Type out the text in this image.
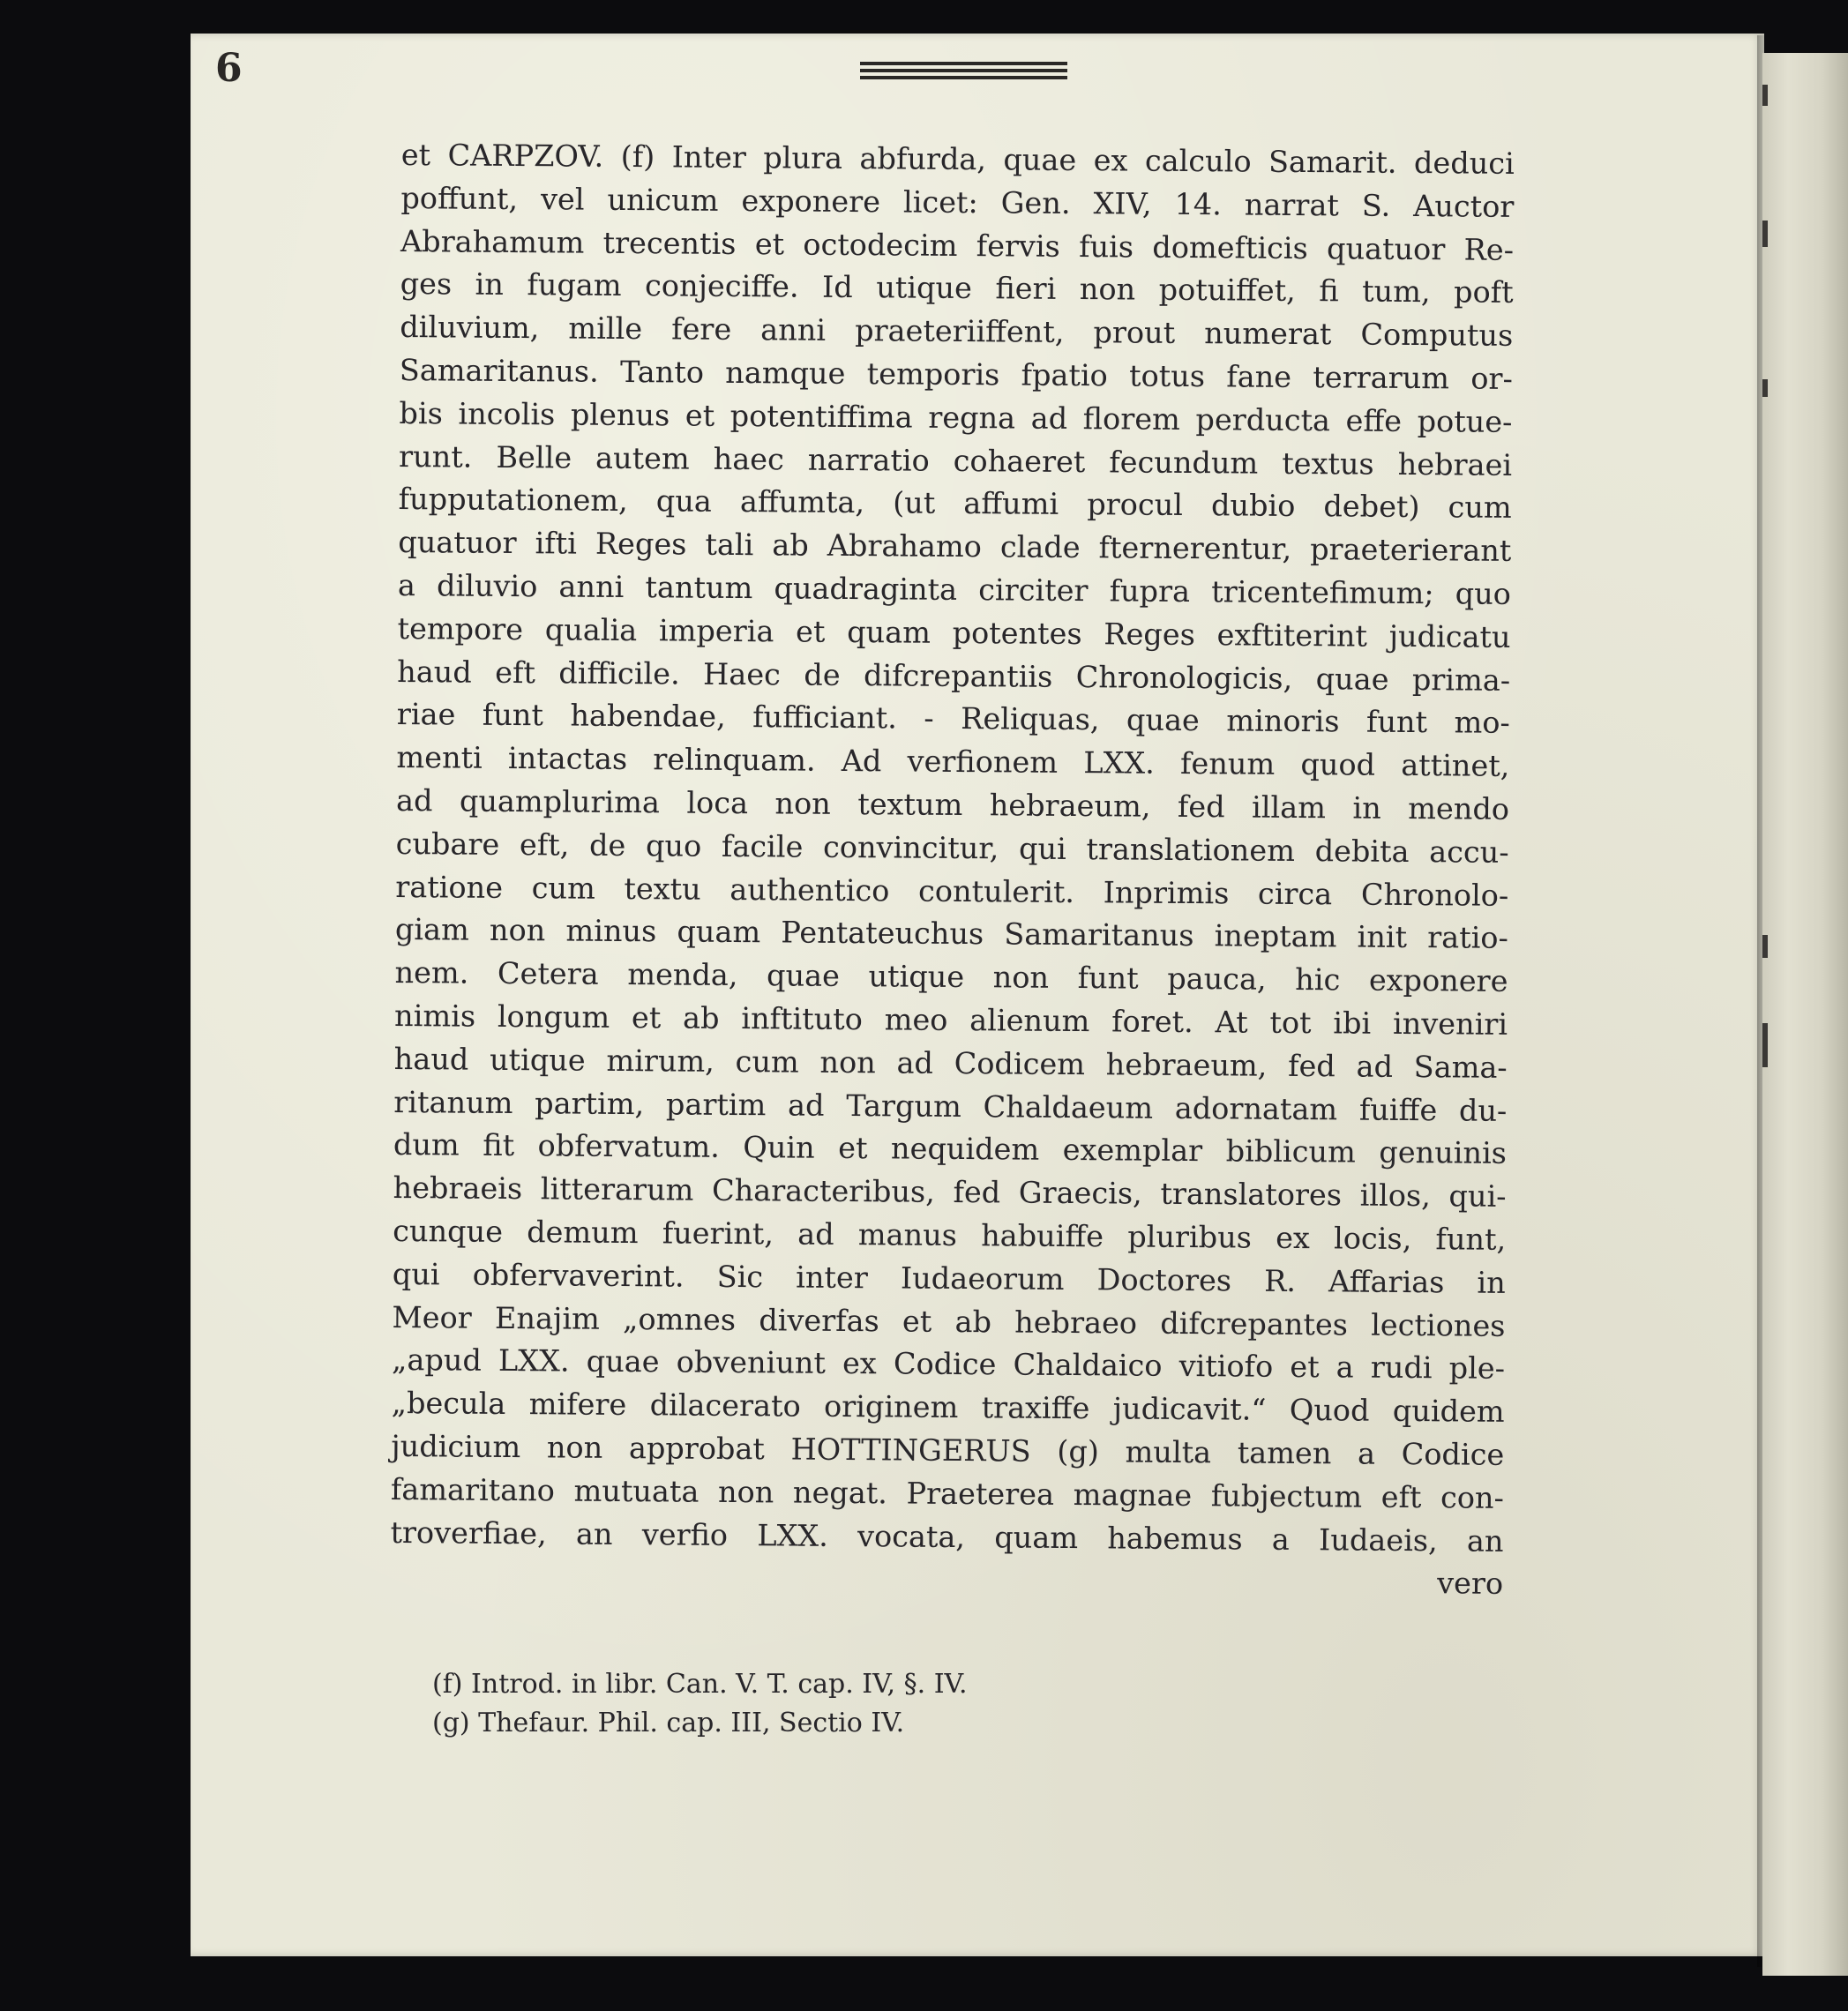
6
et CARPZOV. (f) Inter plura abfurda, quae ex calculo Samarit. deduci
poffunt, vel unicum exponere licet: Gen. XIV, 14. narrat S. Auctor
Abrahamum trecentis et octodecim fervis fuis domefticis quatuor Re-
ges in fugam conjeciffe. Id utique fieri non potuiffet, fi tum, poft
diluvium, mille fere anni praeteriiffent, prout numerat Computus
Samaritanus. Tanto namque temporis fpatio totus fane terrarum or-
bis incolis plenus et potentiffima regna ad florem perducta effe potue-
runt. Belle autem haec narratio cohaeret fecundum textus hebraei
fupputationem, qua affumta, (ut affumi procul dubio debet) cum
quatuor ifti Reges tali ab Abrahamo clade fternerentur, praeterierant
a diluvio anni tantum quadraginta circiter fupra tricentefimum; quo
tempore qualia imperia et quam potentes Reges exftiterint judicatu
haud eft difficile. Haec de difcrepantiis Chronologicis, quae prima-
riae funt habendae, fufficiant. - Reliquas, quae minoris funt mo-
menti intactas relinquam. Ad verfionem LXX. fenum quod attinet,
ad quamplurima loca non textum hebraeum, fed illam in mendo
cubare eft, de quo facile convincitur, qui translationem debita accu-
ratione cum textu authentico contulerit. Inprimis circa Chronolo-
giam non minus quam Pentateuchus Samaritanus ineptam init ratio-
nem. Cetera menda, quae utique non funt pauca, hic exponere
nimis longum et ab inftituto meo alienum foret. At tot ibi inveniri
haud utique mirum, cum non ad Codicem hebraeum, fed ad Sama-
ritanum partim, partim ad Targum Chaldaeum adornatam fuiffe du-
dum fit obfervatum. Quin et nequidem exemplar biblicum genuinis
hebraeis litterarum Characteribus, fed Graecis, translatores illos, qui-
cunque demum fuerint, ad manus habuiffe pluribus ex locis, funt,
qui obfervaverint. Sic inter Iudaeorum Doctores R. Affarias in
Meor Enajim „omnes diverfas et ab hebraeo difcrepantes lectiones
„apud LXX. quae obveniunt ex Codice Chaldaico vitiofo et a rudi ple-
„becula mifere dilacerato originem traxiffe judicavit.“ Quod quidem
judicium non approbat HOTTINGERUS (g) multa tamen a Codice
famaritano mutuata non negat. Praeterea magnae fubjectum eft con-
troverfiae, an verfio LXX. vocata, quam habemus a Iudaeis, an
vero
(f) Introd. in libr. Can. V. T. cap. IV, §. IV.
(g) Thefaur. Phil. cap. III, Sectio IV.
